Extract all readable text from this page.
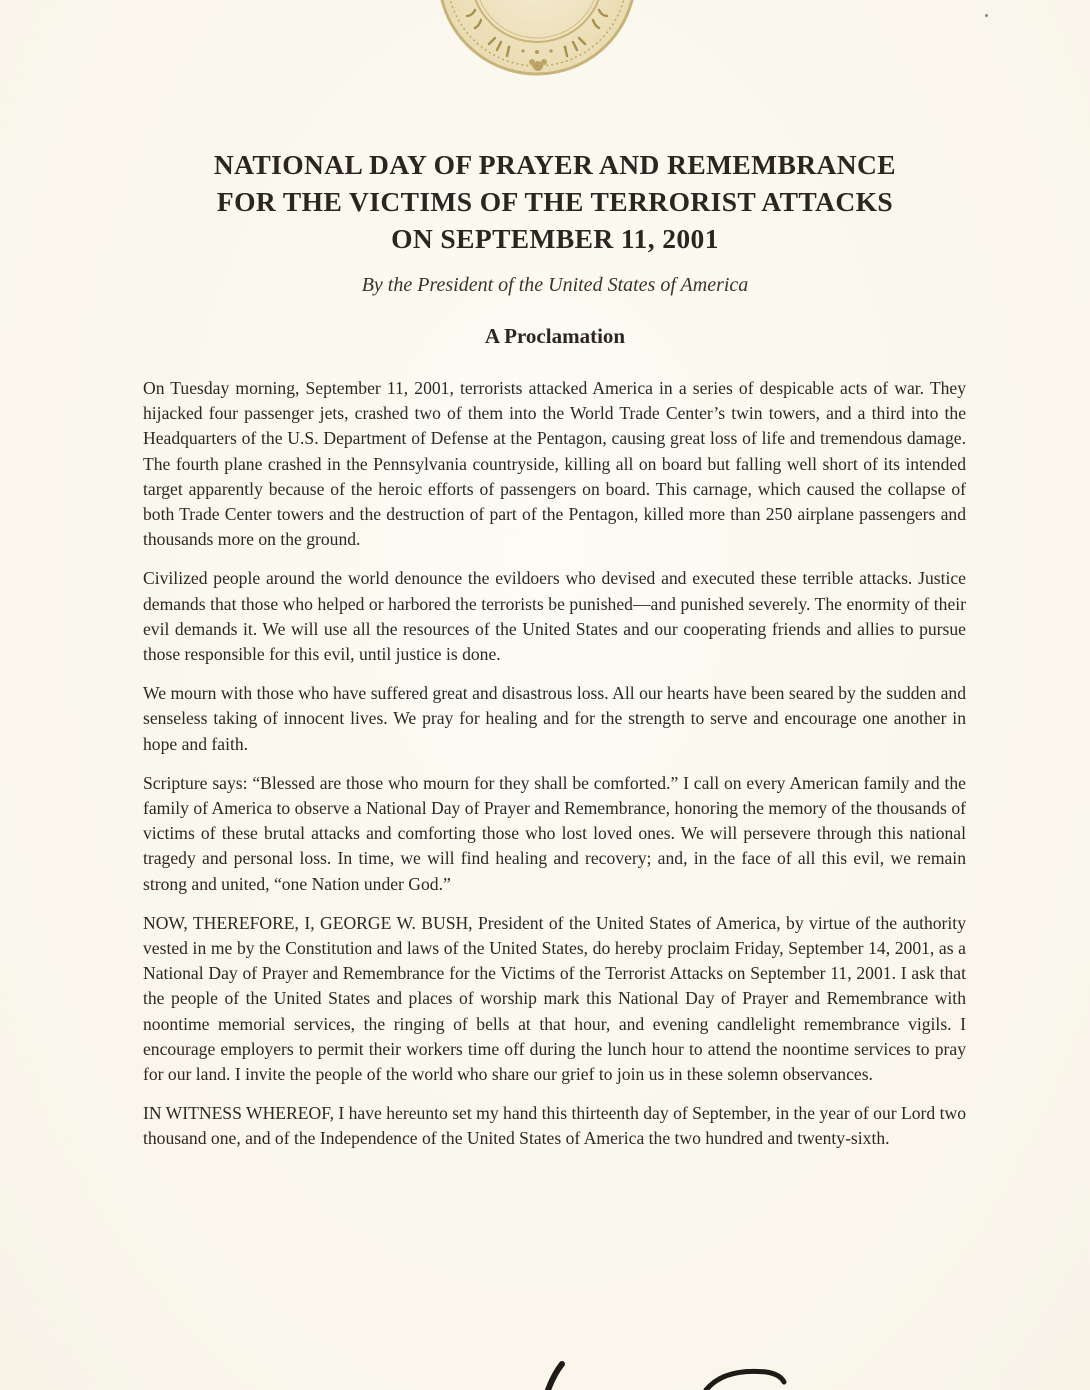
NATIONAL DAY OF PRAYER AND REMEMBRANCE
FOR THE VICTIMS OF THE TERRORIST ATTACKS
ON SEPTEMBER 11, 2001

By the President of the United States of America

A Proclamation

On Tuesday morning, September 11, 2001, terrorists attacked America in a series of despicable acts of war. They hijacked four passenger jets, crashed two of them into the World Trade Center’s twin towers, and a third into the Headquarters of the U.S. Department of Defense at the Pentagon, causing great loss of life and tremendous damage. The fourth plane crashed in the Pennsylvania countryside, killing all on board but falling well short of its intended target apparently because of the heroic efforts of passengers on board. This carnage, which caused the collapse of both Trade Center towers and the destruction of part of the Pentagon, killed more than 250 airplane passengers and thousands more on the ground.

Civilized people around the world denounce the evildoers who devised and executed these terrible attacks. Justice demands that those who helped or harbored the terrorists be punished—and punished severely. The enormity of their evil demands it. We will use all the resources of the United States and our cooperating friends and allies to pursue those responsible for this evil, until justice is done.

We mourn with those who have suffered great and disastrous loss. All our hearts have been seared by the sudden and senseless taking of innocent lives. We pray for healing and for the strength to serve and encourage one another in hope and faith.

Scripture says: “Blessed are those who mourn for they shall be comforted.” I call on every American family and the family of America to observe a National Day of Prayer and Remembrance, honoring the memory of the thousands of victims of these brutal attacks and comforting those who lost loved ones. We will persevere through this national tragedy and personal loss. In time, we will find healing and recovery; and, in the face of all this evil, we remain strong and united, “one Nation under God.”

NOW, THEREFORE, I, GEORGE W. BUSH, President of the United States of America, by virtue of the authority vested in me by the Constitution and laws of the United States, do hereby proclaim Friday, September 14, 2001, as a National Day of Prayer and Remembrance for the Victims of the Terrorist Attacks on September 11, 2001. I ask that the people of the United States and places of worship mark this National Day of Prayer and Remembrance with noontime memorial services, the ringing of bells at that hour, and evening candlelight remembrance vigils. I encourage employers to permit their workers time off during the lunch hour to attend the noontime services to pray for our land. I invite the people of the world who share our grief to join us in these solemn observances.

IN WITNESS WHEREOF, I have hereunto set my hand this thirteenth day of September, in the year of our Lord two thousand one, and of the Independence of the United States of America the two hundred and twenty-sixth.
